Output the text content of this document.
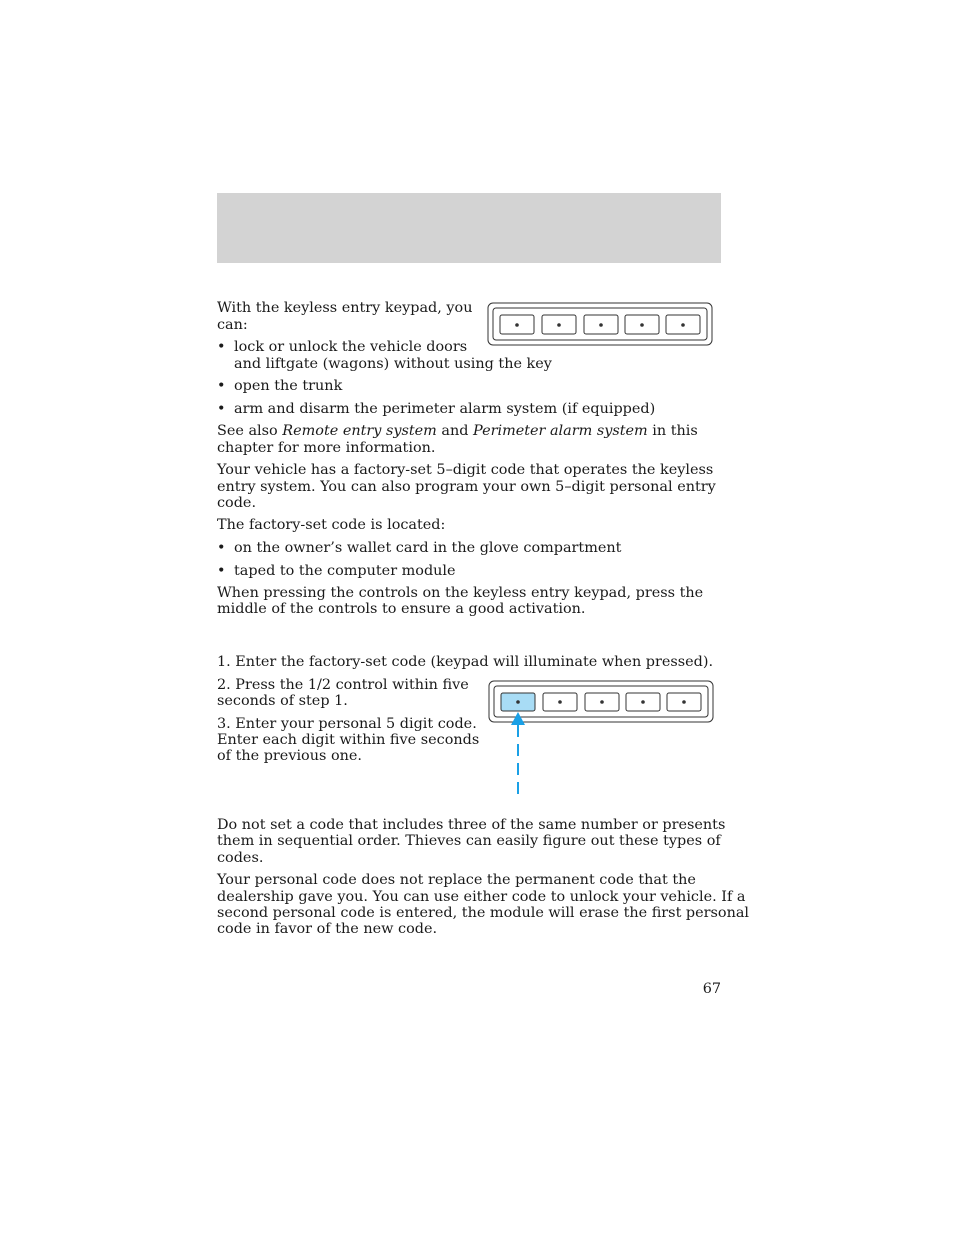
With the keyless entry keypad, you
can:
• lock or unlock the vehicle doors
and liftgate (wagons) without using the key
• open the trunk
• arm and disarm the perimeter alarm system (if equipped)
See also Remote entry system and Perimeter alarm system in this
chapter for more information.
Your vehicle has a factory-set 5–digit code that operates the keyless
entry system. You can also program your own 5–digit personal entry
code.
The factory-set code is located:
• on the owner’s wallet card in the glove compartment
• taped to the computer module
When pressing the controls on the keyless entry keypad, press the
middle of the controls to ensure a good activation.
1. Enter the factory-set code (keypad will illuminate when pressed).
2. Press the 1/2 control within five
seconds of step 1.
3. Enter your personal 5 digit code.
Enter each digit within five seconds
of the previous one.
Do not set a code that includes three of the same number or presents
them in sequential order. Thieves can easily figure out these types of
codes.
Your personal code does not replace the permanent code that the
dealership gave you. You can use either code to unlock your vehicle. If a
second personal code is entered, the module will erase the first personal
code in favor of the new code.
67
